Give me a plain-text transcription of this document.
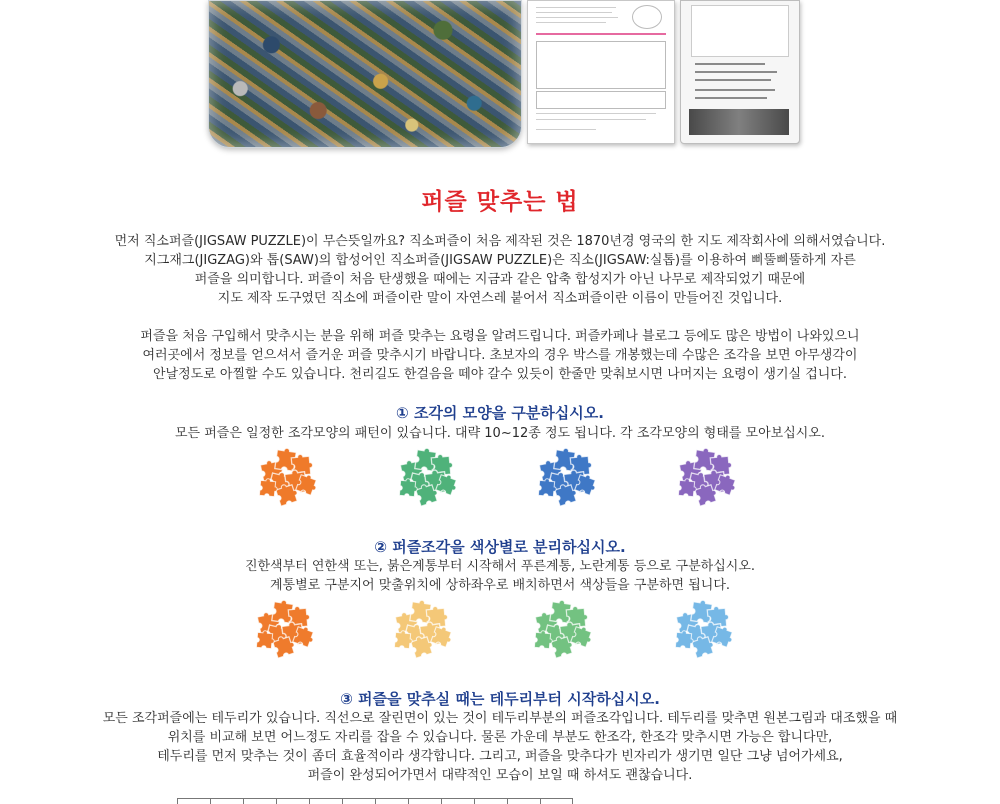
퍼즐 맞추는 법
먼저 직소퍼즐(JIGSAW PUZZLE)이 무슨뜻일까요? 직소퍼즐이 처음 제작된 것은 1870년경 영국의 한 지도 제작회사에 의해서였습니다.
지그재그(JIGZAG)와 톱(SAW)의 합성어인 직소퍼즐(JIGSAW PUZZLE)은 직소(JIGSAW:실톱)를 이용하여 삐뚤삐뚤하게 자른
퍼즐을 의미합니다. 퍼즐이 처음 탄생했을 때에는 지금과 같은 압축 합성지가 아닌 나무로 제작되었기 때문에
지도 제작 도구였던 직소에 퍼즐이란 말이 자연스레 붙어서 직소퍼즐이란 이름이 만들어진 것입니다.
퍼즐을 처음 구입해서 맞추시는 분을 위해 퍼즐 맞추는 요령을 알려드립니다. 퍼즐카페나 블로그 등에도 많은 방법이 나와있으니
여러곳에서 정보를 얻으셔서 즐거운 퍼즐 맞추시기 바랍니다. 초보자의 경우 박스를 개봉했는데 수많은 조각을 보면 아무생각이
안날정도로 아찔할 수도 있습니다. 천리길도 한걸음을 떼야 갈수 있듯이 한줄만 맞춰보시면 나머지는 요령이 생기실 겁니다.
① 조각의 모양을 구분하십시오.
모든 퍼즐은 일정한 조각모양의 패턴이 있습니다. 대략 10~12종 정도 됩니다. 각 조각모양의 형태를 모아보십시오.
② 퍼즐조각을 색상별로 분리하십시오.
진한색부터 연한색 또는, 붉은계통부터 시작해서 푸른계통, 노란계통 등으로 구분하십시오.
계통별로 구분지어 맞출위치에 상하좌우로 배치하면서 색상들을 구분하면 됩니다.
③ 퍼즐을 맞추실 때는 테두리부터 시작하십시오.
모든 조각퍼즐에는 테두리가 있습니다. 직선으로 잘린면이 있는 것이 테두리부분의 퍼즐조각입니다. 테두리를 맞추면 원본그림과 대조했을 때
위치를 비교해 보면 어느정도 자리를 잡을 수 있습니다. 물론 가운데 부분도 한조각, 한조각 맞추시면 가능은 합니다만,
테두리를 먼저 맞추는 것이 좀더 효율적이라 생각합니다. 그리고, 퍼즐을 맞추다가 빈자리가 생기면 일단 그냥 넘어가세요,
퍼즐이 완성되어가면서 대략적인 모습이 보일 때 하셔도 괜찮습니다.
